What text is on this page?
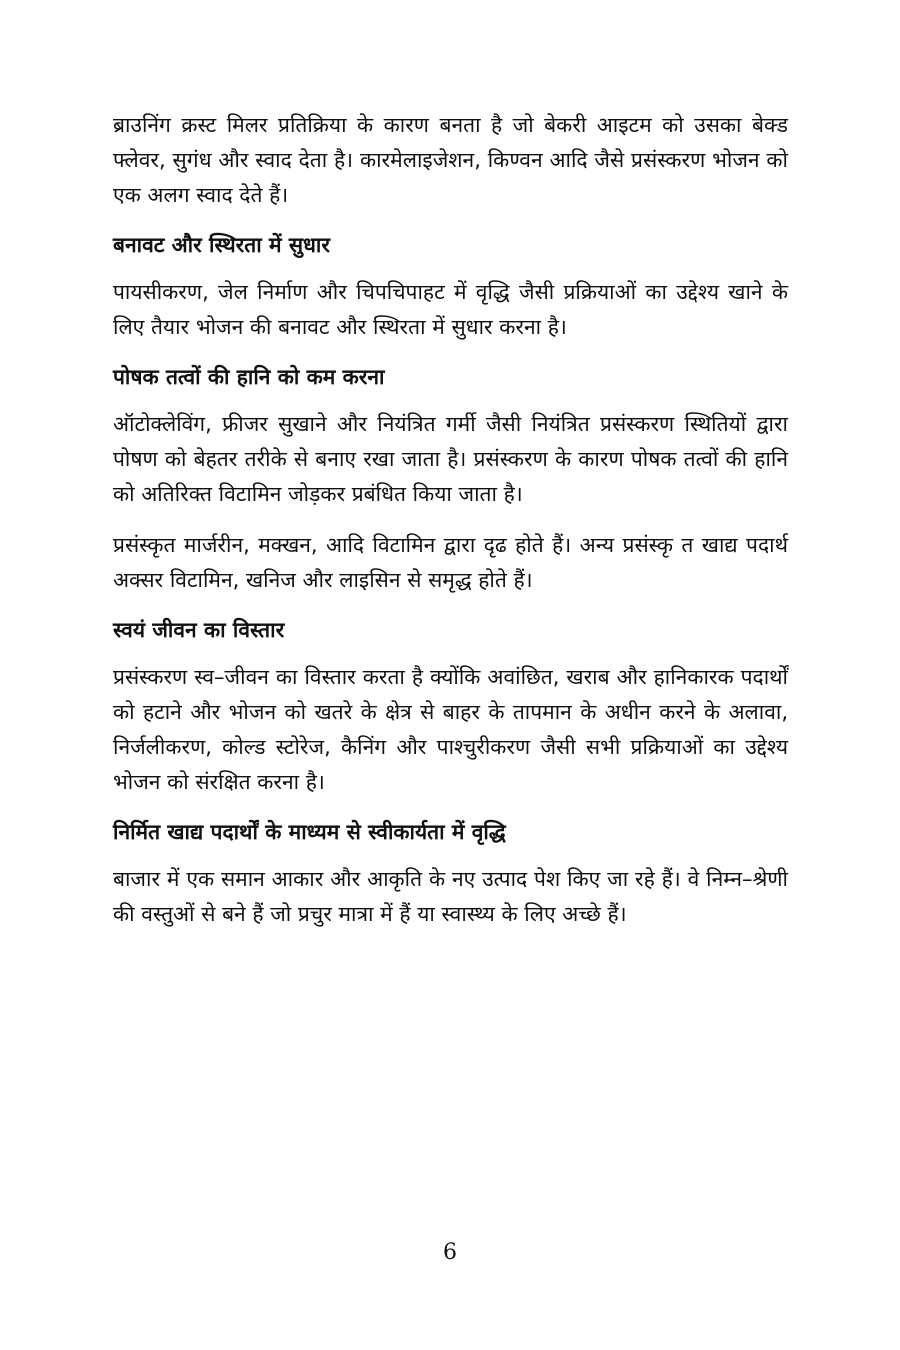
ब्राउनिंग क्रस्ट मिलर प्रतिक्रिया के कारण बनता है जो बेकरी आइटम को उसका बेक्ड फ्लेवर, सुगंध और स्वाद देता है। कारमेलाइजेशन, किण्वन आदि जैसे प्रसंस्करण भोजन को एक अलग स्वाद देते हैं।

बनावट और स्थिरता में सुधार

पायसीकरण, जेल निर्माण और चिपचिपाहट में वृद्धि जैसी प्रक्रियाओं का उद्देश्य खाने के लिए तैयार भोजन की बनावट और स्थिरता में सुधार करना है।

पोषक तत्वों की हानि को कम करना

ऑटोक्लेविंग, फ्रीजर सुखाने और नियंत्रित गर्मी जैसी नियंत्रित प्रसंस्करण स्थितियों द्वारा पोषण को बेहतर तरीके से बनाए रखा जाता है। प्रसंस्करण के कारण पोषक तत्वों की हानि को अतिरिक्त विटामिन जोड़कर प्रबंधित किया जाता है।

प्रसंस्कृत मार्जरीन, मक्खन, आदि विटामिन द्वारा दृढ होते हैं। अन्य प्रसंस्कृ त खाद्य पदार्थ अक्सर विटामिन, खनिज और लाइसिन से समृद्ध होते हैं।

स्वयं जीवन का विस्तार

प्रसंस्करण स्व–जीवन का विस्तार करता है क्योंकि अवांछित, खराब और हानिकारक पदार्थों को हटाने और भोजन को खतरे के क्षेत्र से बाहर के तापमान के अधीन करने के अलावा, निर्जलीकरण, कोल्ड स्टोरेज, कैनिंग और पाश्चुरीकरण जैसी सभी प्रक्रियाओं का उद्देश्य भोजन को संरक्षित करना है।

निर्मित खाद्य पदार्थों के माध्यम से स्वीकार्यता में वृद्धि

बाजार में एक समान आकार और आकृति के नए उत्पाद पेश किए जा रहे हैं। वे निम्न–श्रेणी की वस्तुओं से बने हैं जो प्रचुर मात्रा में हैं या स्वास्थ्य के लिए अच्छे हैं।

6
